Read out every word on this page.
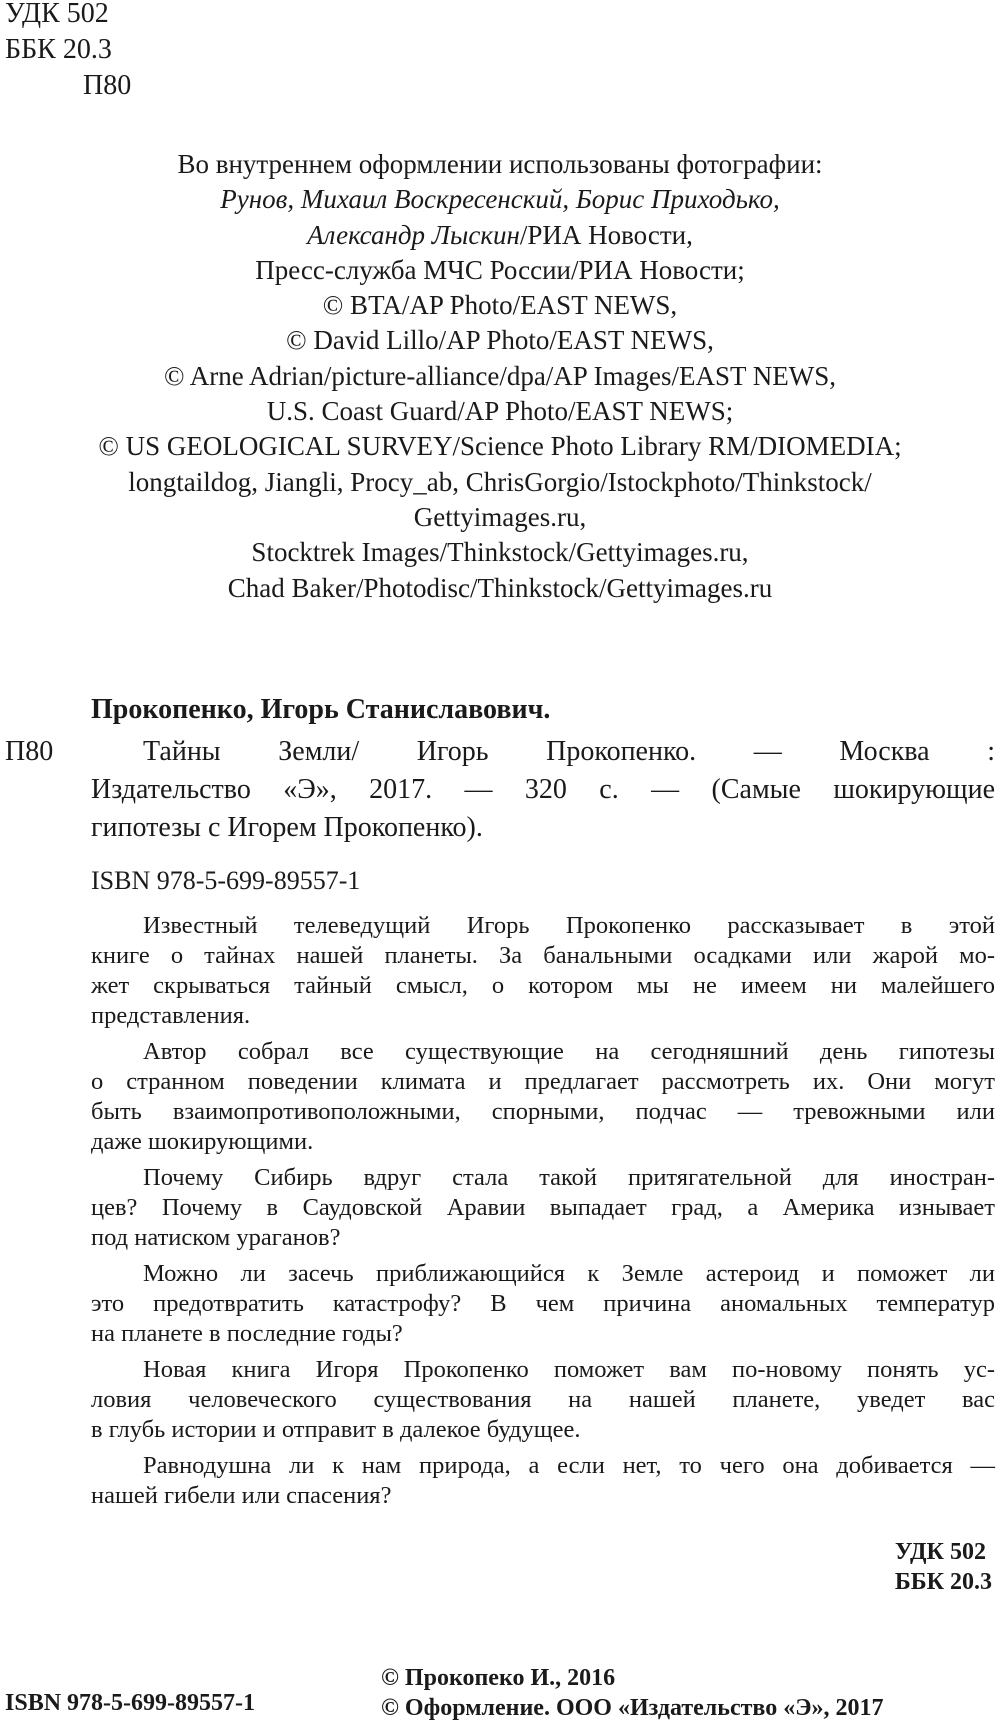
УДК 502
ББК 20.3
П80
Во внутреннем оформлении использованы фотографии:
Рунов, Михаил Воскресенский, Борис Приходько,
Александр Лыскин/РИА Новости,
Пресс-служба МЧС России/РИА Новости;
© BTA/AP Photo/EAST NEWS,
© David Lillo/AP Photo/EAST NEWS,
© Arne Adrian/picture-alliance/dpa/AP Images/EAST NEWS,
U.S. Coast Guard/AP Photo/EAST NEWS;
© US GEOLOGICAL SURVEY/Science Photo Library RM/DIOMEDIA;
longtaildog, Jiangli, Procy_ab, ChrisGorgio/Istockphoto/Thinkstock/
Gettyimages.ru,
Stocktrek Images/Thinkstock/Gettyimages.ru,
Chad Baker/Photodisc/Thinkstock/Gettyimages.ru
Прокопенко, Игорь Станиславович.
П80	Тайны Земли/ Игорь Прокопенко. — Москва :
Издательство «Э», 2017. — 320 с. — (Самые шокирующие
гипотезы с Игорем Прокопенко).
ISBN 978-5-699-89557-1
Известный телеведущий Игорь Прокопенко рассказывает в этой
книге о тайнах нашей планеты. За банальными осадками или жарой мо-
жет скрываться тайный смысл, о котором мы не имеем ни малейшего
представления.
Автор собрал все существующие на сегодняшний день гипотезы
о странном поведении климата и предлагает рассмотреть их. Они могут
быть взаимопротивоположными, спорными, подчас — тревожными или
даже шокирующими.
Почему Сибирь вдруг стала такой притягательной для иностран-
цев? Почему в Саудовской Аравии выпадает град, а Америка изнывает
под натиском ураганов?
Можно ли засечь приближающийся к Земле астероид и поможет ли
это предотвратить катастрофу? В чем причина аномальных температур
на планете в последние годы?
Новая книга Игоря Прокопенко поможет вам по-новому понять ус-
ловия человеческого существования на нашей планете, уведет вас
в глубь истории и отправит в далекое будущее.
Равнодушна ли к нам природа, а если нет, то чего она добивается —
нашей гибели или спасения?
УДК 502
ББК 20.3
ISBN 978-5-699-89557-1
© Прокопеко И., 2016
© Оформление. ООО «Издательство «Э», 2017
